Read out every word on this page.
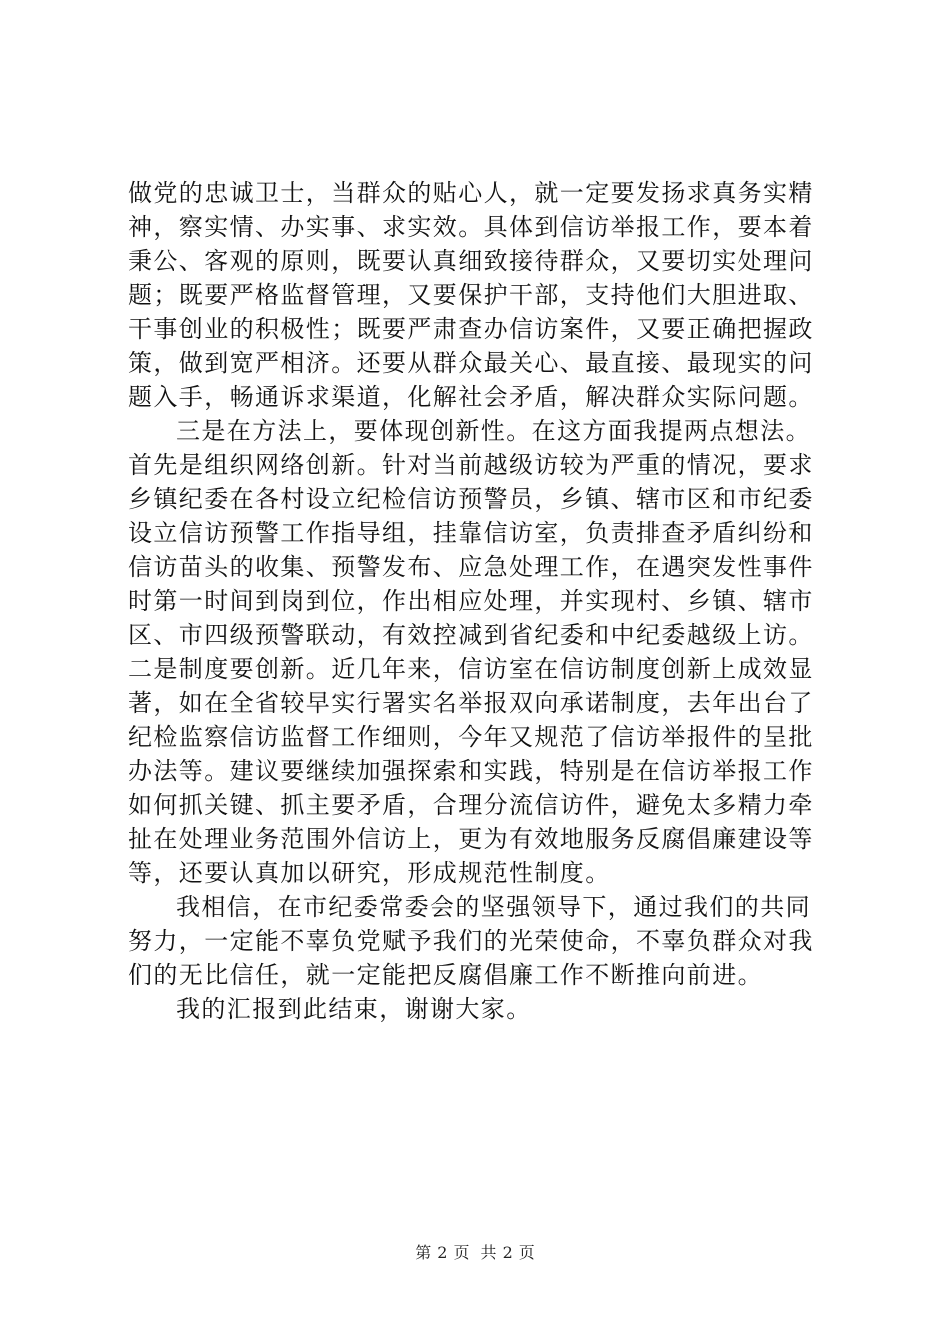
做党的忠诚卫士，当群众的贴心人，就一定要发扬求真务实精
神，察实情、办实事、求实效。具体到信访举报工作，要本着
秉公、客观的原则，既要认真细致接待群众，又要切实处理问
题；既要严格监督管理，又要保护干部，支持他们大胆进取、
干事创业的积极性；既要严肃查办信访案件，又要正确把握政
策，做到宽严相济。还要从群众最关心、最直接、最现实的问
题入手，畅通诉求渠道，化解社会矛盾，解决群众实际问题。
三是在方法上，要体现创新性。在这方面我提两点想法。
首先是组织网络创新。针对当前越级访较为严重的情况，要求
乡镇纪委在各村设立纪检信访预警员，乡镇、辖市区和市纪委
设立信访预警工作指导组，挂靠信访室，负责排查矛盾纠纷和
信访苗头的收集、预警发布、应急处理工作，在遇突发性事件
时第一时间到岗到位，作出相应处理，并实现村、乡镇、辖市
区、市四级预警联动，有效控减到省纪委和中纪委越级上访。
二是制度要创新。近几年来，信访室在信访制度创新上成效显
著，如在全省较早实行署实名举报双向承诺制度，去年出台了
纪检监察信访监督工作细则，今年又规范了信访举报件的呈批
办法等。建议要继续加强探索和实践，特别是在信访举报工作
如何抓关键、抓主要矛盾，合理分流信访件，避免太多精力牵
扯在处理业务范围外信访上，更为有效地服务反腐倡廉建设等
等，还要认真加以研究，形成规范性制度。
我相信，在市纪委常委会的坚强领导下，通过我们的共同
努力，一定能不辜负党赋予我们的光荣使命，不辜负群众对我
们的无比信任，就一定能把反腐倡廉工作不断推向前进。
我的汇报到此结束，谢谢大家。
第 2 页 共 2 页
